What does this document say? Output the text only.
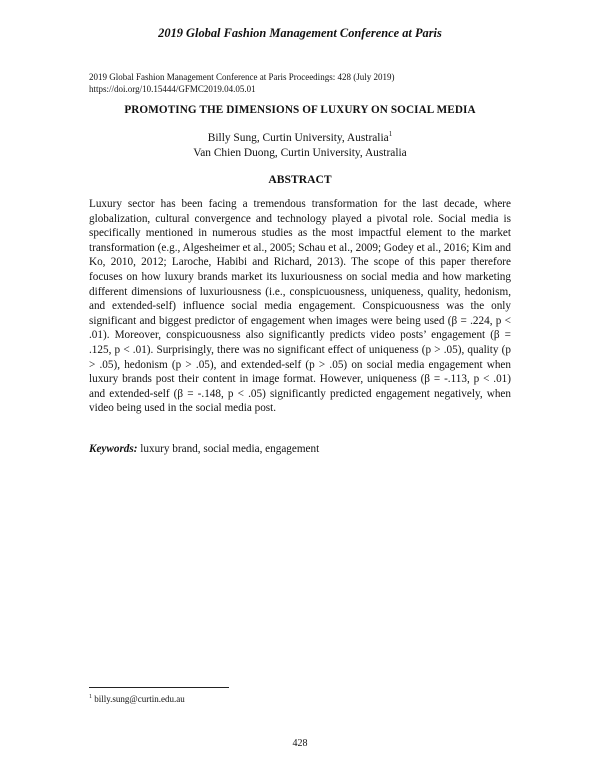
2019 Global Fashion Management Conference at Paris
2019 Global Fashion Management Conference at Paris Proceedings: 428 (July 2019)
https://doi.org/10.15444/GFMC2019.04.05.01
PROMOTING THE DIMENSIONS OF LUXURY ON SOCIAL MEDIA
Billy Sung, Curtin University, Australia$^1$
Van Chien Duong, Curtin University, Australia
ABSTRACT
Luxury sector has been facing a tremendous transformation for the last decade, where globalization, cultural convergence and technology played a pivotal role. Social media is specifically mentioned in numerous studies as the most impactful element to the market transformation (e.g., Algesheimer et al., 2005; Schau et al., 2009; Godey et al., 2016; Kim and Ko, 2010, 2012; Laroche, Habibi and Richard, 2013). The scope of this paper therefore focuses on how luxury brands market its luxuriousness on social media and how marketing different dimensions of luxuriousness (i.e., conspicuousness, uniqueness, quality, hedonism, and extended-self) influence social media engagement. Conspicuousness was the only significant and biggest predictor of engagement when images were being used (β = .224, p < .01). Moreover, conspicuousness also significantly predicts video posts’ engagement (β = .125, p < .01). Surprisingly, there was no significant effect of uniqueness (p > .05), quality (p > .05), hedonism (p > .05), and extended-self (p > .05) on social media engagement when luxury brands post their content in image format. However, uniqueness (β = -.113, p < .01) and extended-self (β = -.148, p < .05) significantly predicted engagement negatively, when video being used in the social media post.
Keywords: luxury brand, social media, engagement
$^1$ billy.sung@curtin.edu.au
428
